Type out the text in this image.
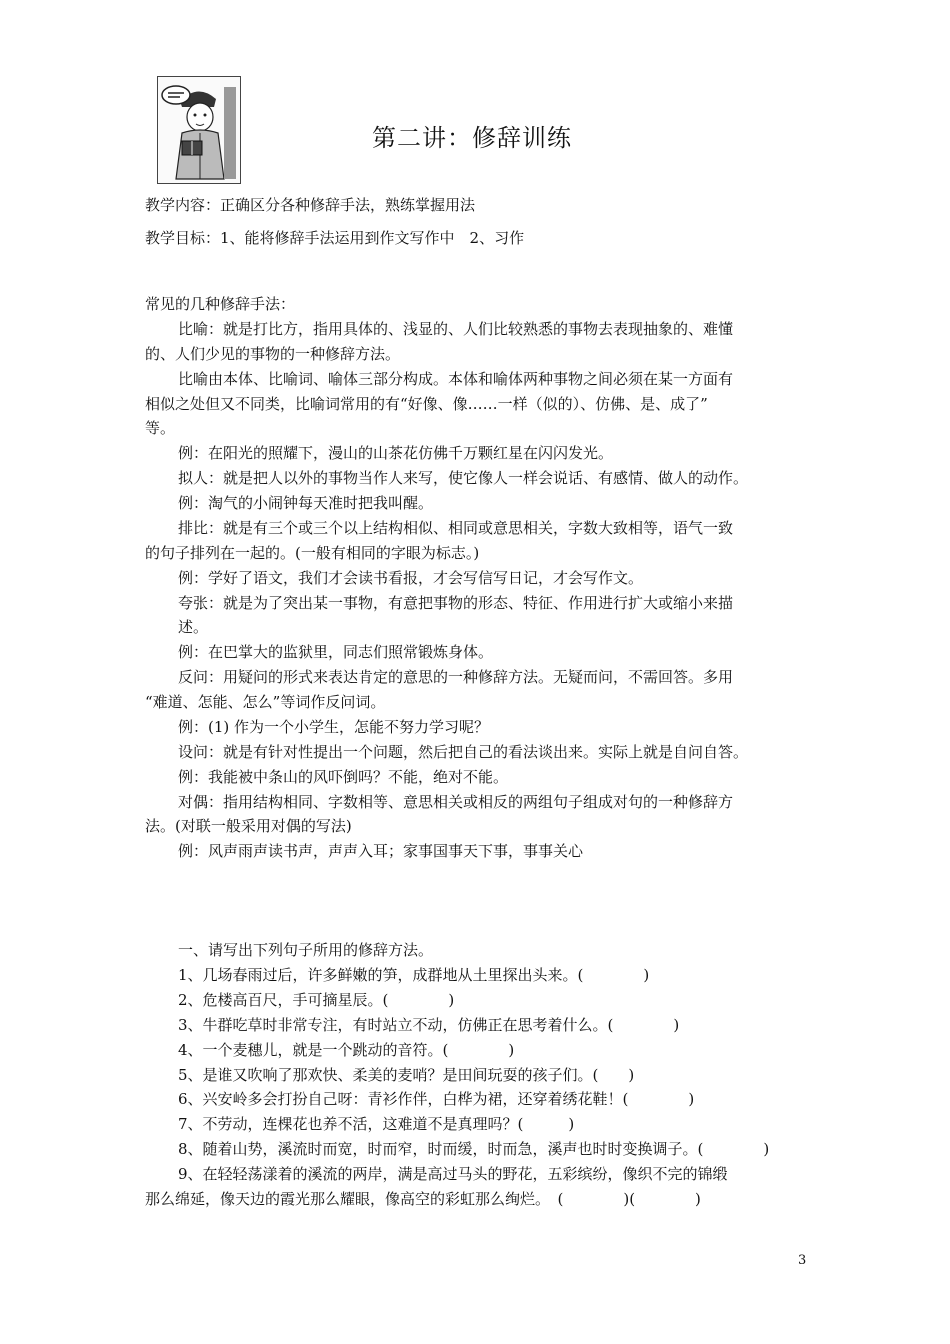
第二讲：修辞训练
教学内容：正确区分各种修辞手法，熟练掌握用法
教学目标：1、能将修辞手法运用到作文写作中　2、习作
常见的几种修辞手法：
比喻：就是打比方，指用具体的、浅显的、人们比较熟悉的事物去表现抽象的、难懂
的、人们少见的事物的一种修辞方法。
比喻由本体、比喻词、喻体三部分构成。本体和喻体两种事物之间必须在某一方面有
相似之处但又不同类，比喻词常用的有“好像、像……一样（似的）、仿佛、是、成了”
等。
例：在阳光的照耀下，漫山的山茶花仿佛千万颗红星在闪闪发光。
拟人：就是把人以外的事物当作人来写，使它像人一样会说话、有感情、做人的动作。
例：淘气的小闹钟每天准时把我叫醒。
排比：就是有三个或三个以上结构相似、相同或意思相关，字数大致相等，语气一致
的句子排列在一起的。(一般有相同的字眼为标志。)
例：学好了语文，我们才会读书看报，才会写信写日记，才会写作文。
夸张：就是为了突出某一事物，有意把事物的形态、特征、作用进行扩大或缩小来描
述。
例：在巴掌大的监狱里，同志们照常锻炼身体。
反问：用疑问的形式来表达肯定的意思的一种修辞方法。无疑而问，不需回答。多用
“难道、怎能、怎么”等词作反问词。
例：(1) 作为一个小学生，怎能不努力学习呢？
设问：就是有针对性提出一个问题，然后把自己的看法谈出来。实际上就是自问自答。
例：我能被中条山的风吓倒吗？不能，绝对不能。
对偶：指用结构相同、字数相等、意思相关或相反的两组句子组成对句的一种修辞方
法。(对联一般采用对偶的写法)
例：风声雨声读书声，声声入耳；家事国事天下事，事事关心
一、请写出下列句子所用的修辞方法。
1、几场春雨过后，许多鲜嫩的笋，成群地从土里探出头来。(　　　　)
2、危楼高百尺，手可摘星辰。(　　　　)
3、牛群吃草时非常专注，有时站立不动，仿佛正在思考着什么。(　　　　)
4、一个麦穗儿，就是一个跳动的音符。(　　　　)
5、是谁又吹响了那欢快、柔美的麦哨？是田间玩耍的孩子们。(　　)
6、兴安岭多会打扮自己呀：青衫作伴，白桦为裙，还穿着绣花鞋！(　　　　)
7、不劳动，连棵花也养不活，这难道不是真理吗？(　　　)
8、随着山势，溪流时而宽，时而窄，时而缓，时而急，溪声也时时变换调子。(　　　　)
9、在轻轻荡漾着的溪流的两岸，满是高过马头的野花，五彩缤纷，像织不完的锦缎
那么绵延，像天边的霞光那么耀眼，像高空的彩虹那么绚烂。　(　　　　)(　　　　)
3
